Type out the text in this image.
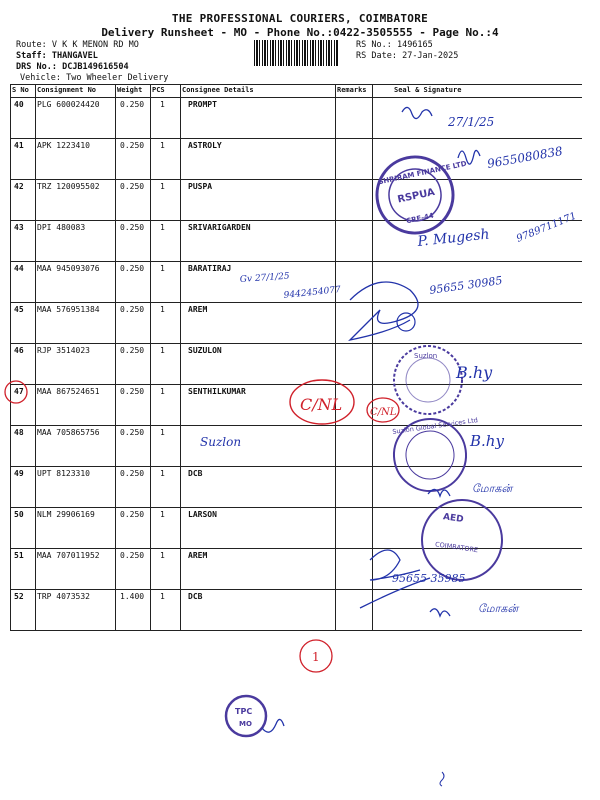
THE PROFESSIONAL COURIERS, COIMBATORE
Delivery Runsheet - MO - Phone No.:0422-3505555 - Page No.:4
Route: V K K MENON RD MO
Staff: THANGAVEL
DRS No.: DCJB149616504
Vehicle: Two Wheeler Delivery
RS No.: 1496165
RS Date: 27-Jan-2025
S No Consignment No	Weight PCS Consignee Details	Remarks	Seal & Signature
40 PLG 600024420	0.250 1	PROMPT
41 APK 1223410	0.250 1	ASTROLY
42 TRZ 120095502	0.250 1	PUSPA
43 DPI 480083	0.250 1	SRIVARIGARDEN
44 MAA 945093076	0.250 1	BARATIRAJ
45 MAA 576951384	0.250 1	AREM
46 RJP 3514023	0.250 1	SUZULON
47 MAA 867524651	0.250 1	SENTHILKUMAR
48 MAA 705865756	0.250 1
49 UPT 8123310	0.250 1	DCB
50 NLM 29906169	0.250 1	LARSON
51 MAA 707011952	0.250 1	AREM
52 TRP 4073532	1.400 1	DCB
27/1/25
SHRIRAM FINANCE LTD
RSPUA
CRE-44
9655080838
P. Mugesh 9789711171
Gv 27/1/25
9442454077	95655 30985
Suzlon
B.hy
C/NL	C/NL
Suzlon
Suzlon Global Services Ltd
B.hy
மோகன்
AED
COIMBATORE
95655 35985
மோகன்
1
TPC
MO
